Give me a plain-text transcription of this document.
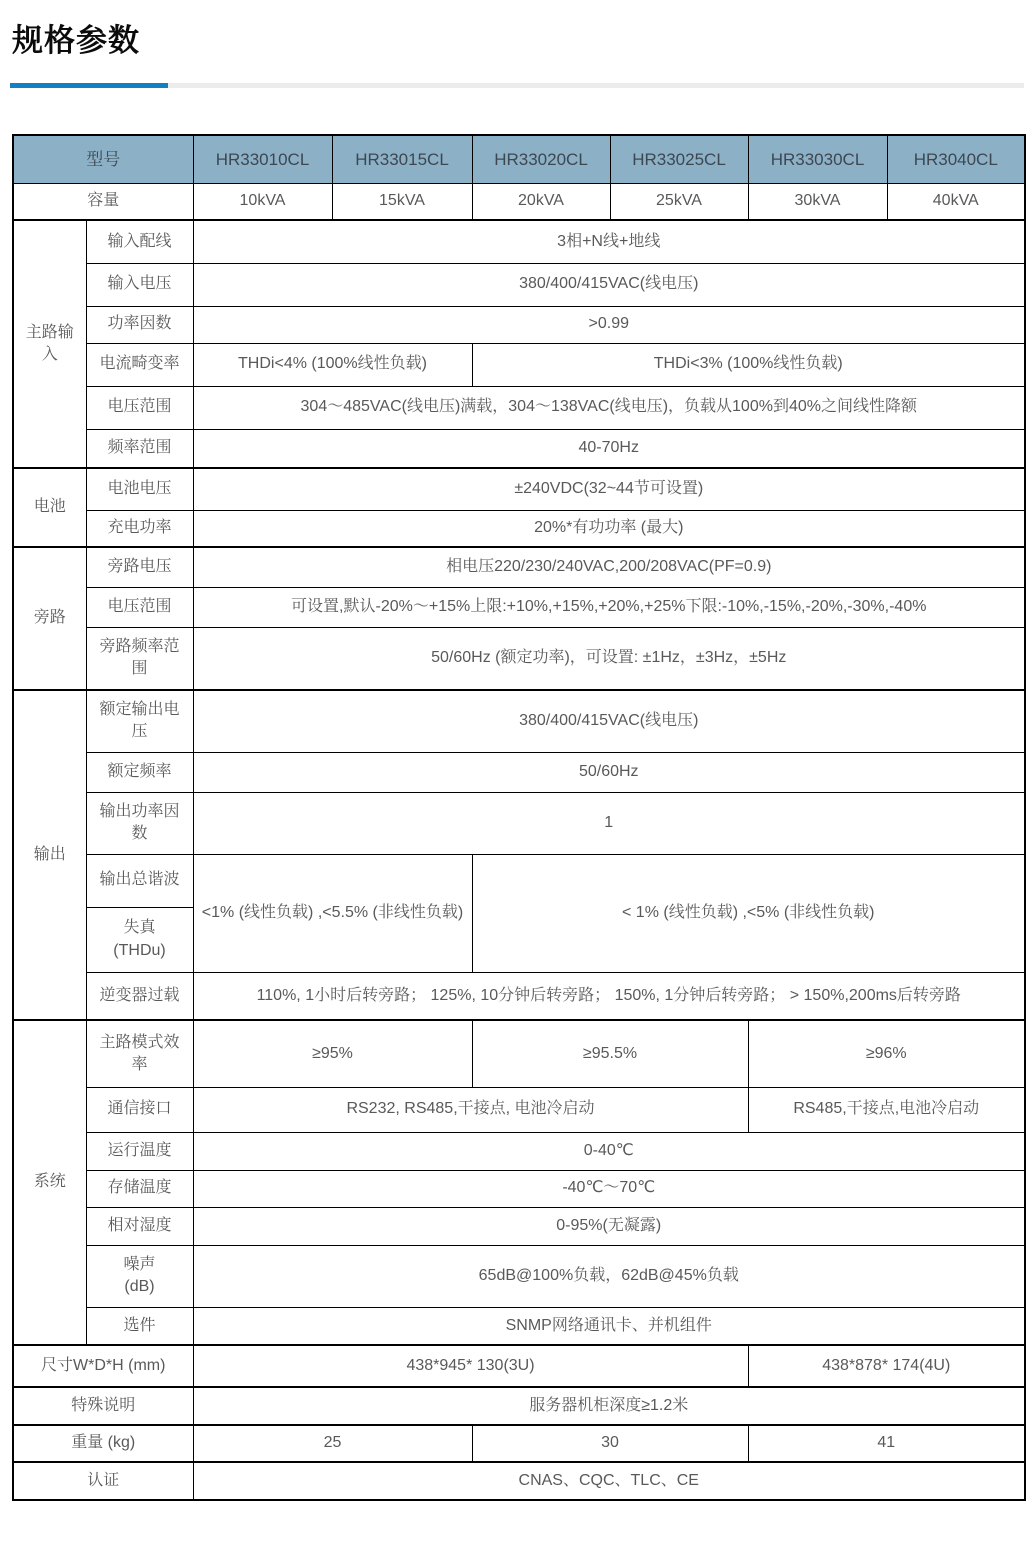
规格参数
型号		HR33010CL	HR33015CL	HR33020CL	HR33025CL	HR33030CL	HR3040CL
容量		10kVA	15kVA	20kVA	25kVA	30kVA	40kVA
主路输入	输入配线	3相+N线+地线					
	输入电压	380/400/415VAC(线电压)					
	功率因数	>0.99					
	电流畸变率	THDi<4% (100%线性负载)		THDi<3% (100%线性负载)			
	电压范围	304〜485VAC(线电压)满载，304〜138VAC(线电压)，负载从100%到40%之间线性降额					
	频率范围	40-70Hz					
电池	电池电压	±240VDC(32~44节可设置)					
	充电功率	20%*有功功率 (最大)					
旁路	旁路电压	相电压220/230/240VAC,200/208VAC(PF=0.9)					
	电压范围	可设置,默认-20%〜+15%上限:+10%,+15%,+20%,+25%下限:-10%,-15%,-20%,-30%,-40%					
	旁路频率范围	50/60Hz (额定功率)，可设置: ±1Hz，±3Hz，±5Hz					
输出	额定输出电压	380/400/415VAC(线电压)					
	额定频率	50/60Hz					
	输出功率因数	1					
	输出总谐波	<1% (线性负载) ,<5.5% (非线性负载)		< 1% (线性负载) ,<5% (非线性负载)			

	失真
(THDu)						

	逆变器过载	110%, 1小时后转旁路； 125%, 10分钟后转旁路； 150%, 1分钟后转旁路； > 150%,200ms后转旁路					
系统	主路模式效率	≥95%		≥95.5%		≥96%	
	通信接口	RS232, RS485,干接点, 电池冷启动				RS485,干接点,电池冷启动	
	运行温度	0-40℃					
	存储温度	-40℃〜70℃					
	相对湿度	0-95%(无凝露)					

	噪声
(dB)	65dB@100%负载，62dB@45%负载					
	选件	SNMP网络通讯卡、并机组件					
尺寸W*D*H (mm)		438*945* 130(3U)				438*878* 174(4U)	
特殊说明		服务器机柜深度≥1.2米					
重量 (kg)		25		30		41	
认证		CNAS、CQC、TLC、CE					
